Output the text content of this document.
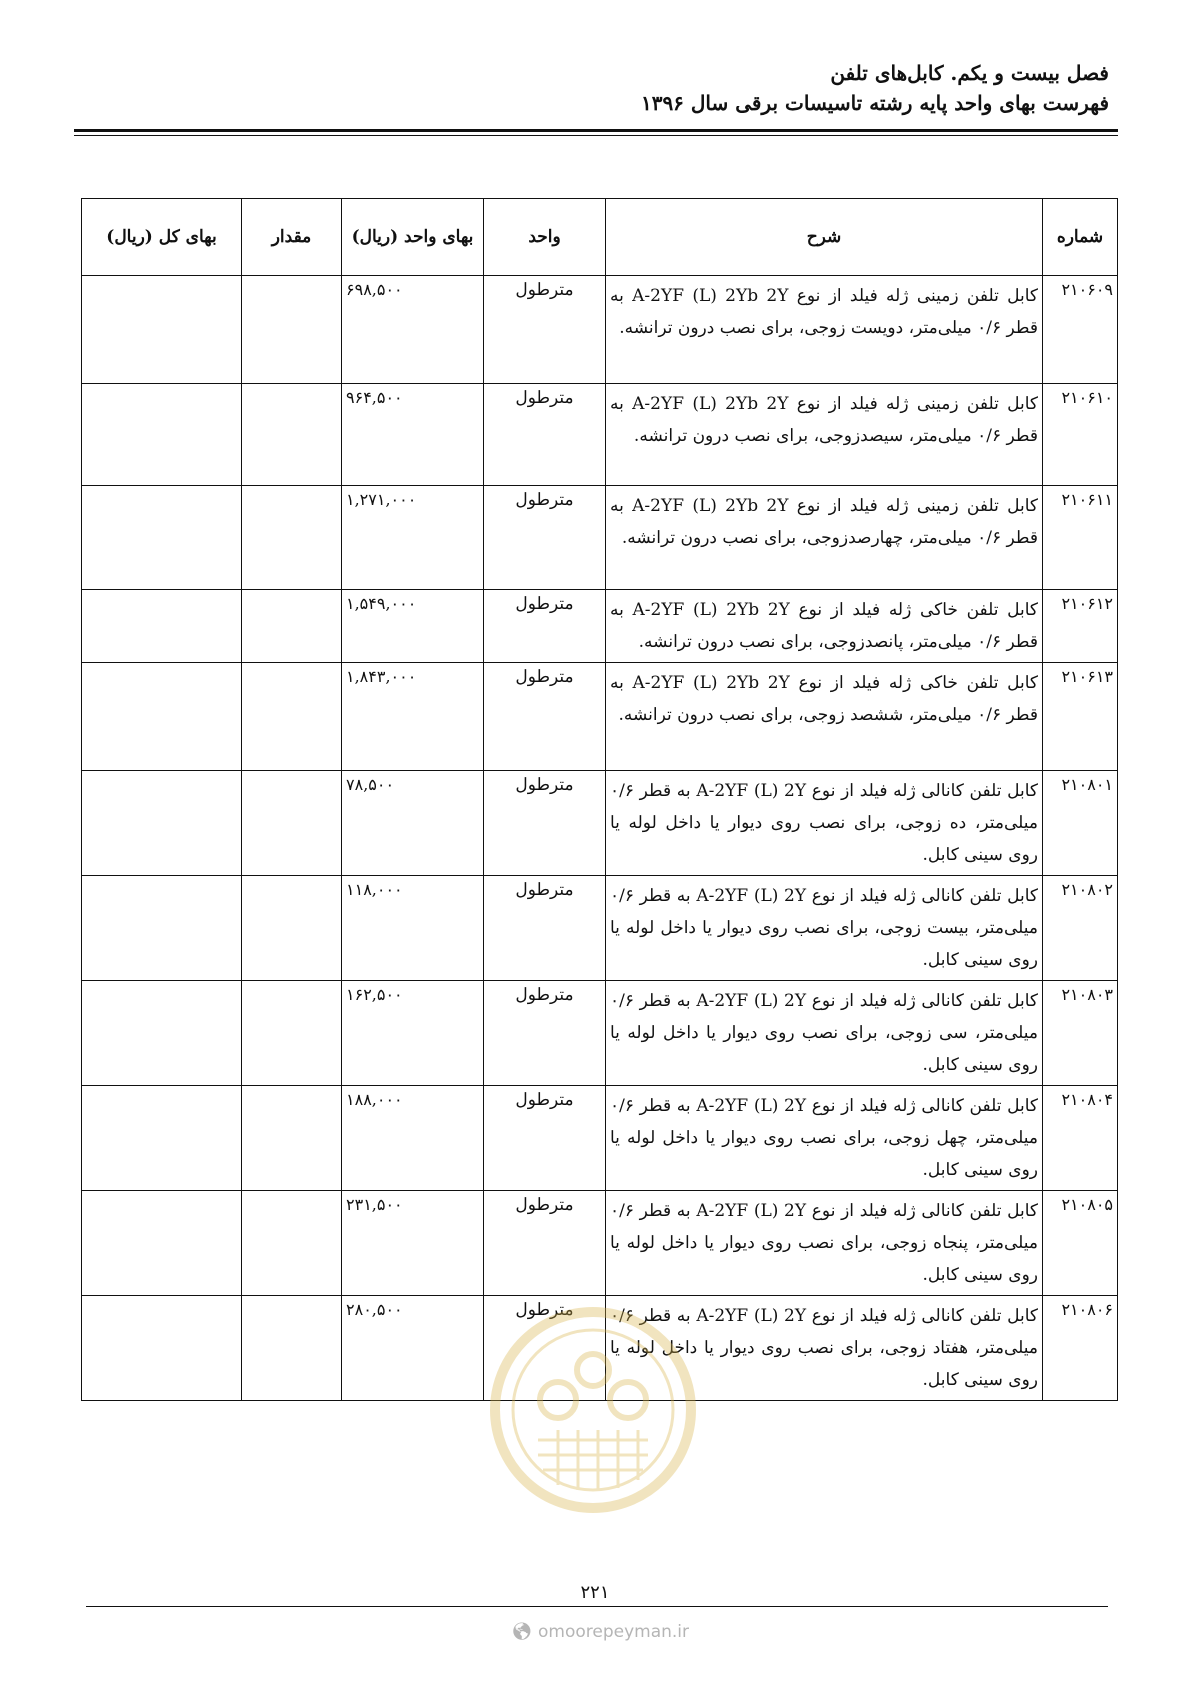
فصل بیست و یکم. کابل‌های تلفن
فهرست بهای واحد پایه رشته تاسیسات برقی سال ۱۳۹۶
شماره	شرح	واحد	بهای واحد (ریال)	مقدار	بهای کل (ریال)
۲۱۰۶۰۹	کابل تلفن زمینی ژله فیلد از نوع A-2YF (L) 2Yb 2Y به قطر ۰/۶ میلی‌متر، دویست زوجی، برای نصب درون ترانشه.	مترطول	۶۹۸,۵۰۰		
۲۱۰۶۱۰	کابل تلفن زمینی ژله فیلد از نوع A-2YF (L) 2Yb 2Y به قطر ۰/۶ میلی‌متر، سیصدزوجی، برای نصب درون ترانشه.	مترطول	۹۶۴,۵۰۰		
۲۱۰۶۱۱	کابل تلفن زمینی ژله فیلد از نوع A-2YF (L) 2Yb 2Y به قطر ۰/۶ میلی‌متر، چهارصدزوجی، برای نصب درون ترانشه.	مترطول	۱,۲۷۱,۰۰۰		
۲۱۰۶۱۲	کابل تلفن خاکی ژله فیلد از نوع A-2YF (L) 2Yb 2Y به قطر ۰/۶ میلی‌متر، پانصدزوجی، برای نصب درون ترانشه.	مترطول	۱,۵۴۹,۰۰۰		
۲۱۰۶۱۳	کابل تلفن خاکی ژله فیلد از نوع A-2YF (L) 2Yb 2Y به قطر ۰/۶ میلی‌متر، ششصد زوجی، برای نصب درون ترانشه.	مترطول	۱,۸۴۳,۰۰۰		
۲۱۰۸۰۱	کابل تلفن کانالی ژله فیلد از نوع A-2YF (L) 2Y به قطر ۰/۶ میلی‌متر، ده زوجی، برای نصب روی دیوار یا داخل لوله یا روی سینی کابل.	مترطول	۷۸,۵۰۰		
۲۱۰۸۰۲	کابل تلفن کانالی ژله فیلد از نوع A-2YF (L) 2Y به قطر ۰/۶ میلی‌متر، بیست زوجی، برای نصب روی دیوار یا داخل لوله یا روی سینی کابل.	مترطول	۱۱۸,۰۰۰		
۲۱۰۸۰۳	کابل تلفن کانالی ژله فیلد از نوع A-2YF (L) 2Y به قطر ۰/۶ میلی‌متر، سی زوجی، برای نصب روی دیوار یا داخل لوله یا روی سینی کابل.	مترطول	۱۶۲,۵۰۰		
۲۱۰۸۰۴	کابل تلفن کانالی ژله فیلد از نوع A-2YF (L) 2Y به قطر ۰/۶ میلی‌متر، چهل زوجی، برای نصب روی دیوار یا داخل لوله یا روی سینی کابل.	مترطول	۱۸۸,۰۰۰		
۲۱۰۸۰۵	کابل تلفن کانالی ژله فیلد از نوع A-2YF (L) 2Y به قطر ۰/۶ میلی‌متر، پنجاه زوجی، برای نصب روی دیوار یا داخل لوله یا روی سینی کابل.	مترطول	۲۳۱,۵۰۰		
۲۱۰۸۰۶	کابل تلفن کانالی ژله فیلد از نوع A-2YF (L) 2Y به قطر ۰/۶ میلی‌متر، هفتاد زوجی، برای نصب روی دیوار یا داخل لوله یا روی سینی کابل.	مترطول	۲۸۰,۵۰۰		
۲۲۱
🌎︎ omoorepeyman.ir
